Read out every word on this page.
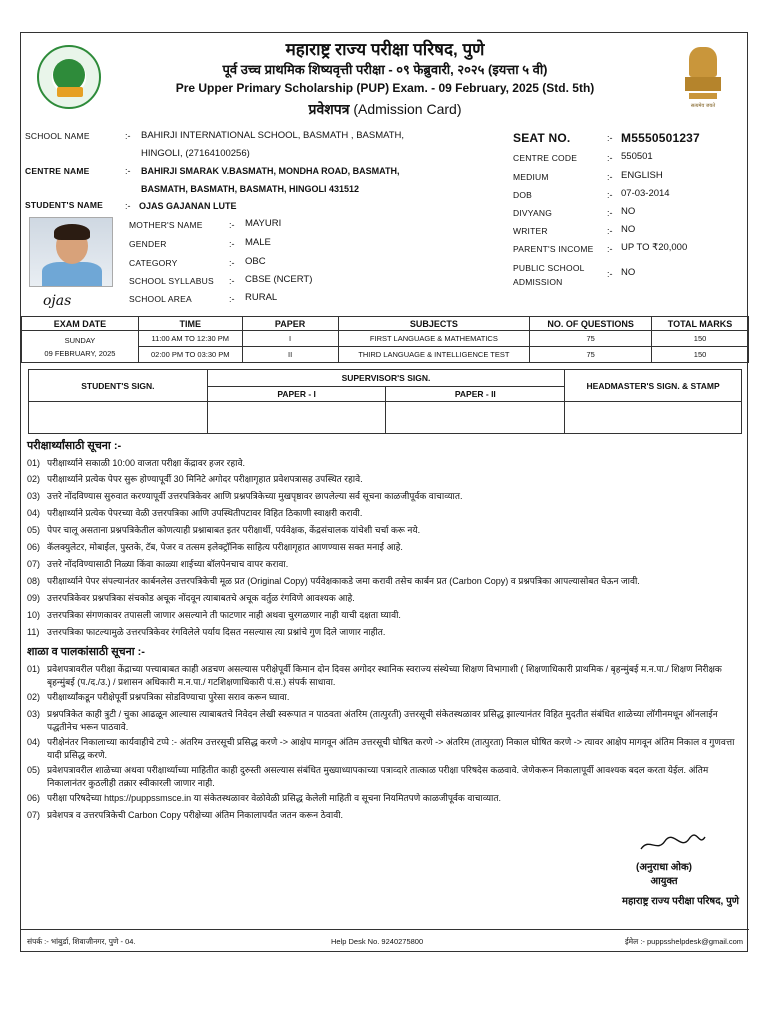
महाराष्ट्र राज्य परीक्षा परिषद, पुणे
पूर्व उच्च प्राथमिक शिष्यवृत्ती परीक्षा - ०९ फेब्रुवारी, २०२५ (इयत्ता ५ वी)
Pre Upper Primary Scholarship (PUP) Exam. - 09 February, 2025 (Std. 5th)
प्रवेशपत्र (Admission Card)	सत्यमेव जयते
SCHOOL NAME	:- BAHIRJI INTERNATIONAL SCHOOL, BASMATH , BASMATH,
HINGOLI, (27164100256)
CENTRE NAME	:- BAHIRJI SMARAK V.BASMATH, MONDHA ROAD, BASMATH,
BASMATH, BASMATH, BASMATH, HINGOLI 431512
STUDENT'S NAME :- OJAS GAJANAN LUTE
ojas
MOTHER'S NAME	:- MAYURI
GENDER	:- MALE
CATEGORY	:- OBC
SCHOOL SYLLABUS :- CBSE (NCERT)
SCHOOL AREA	:- RURAL
SEAT NO.	:- M5550501237
CENTRE CODE	:- 550501
MEDIUM	:- ENGLISH
DOB	:- 07-03-2014
DIVYANG	:- NO
WRITER	:- NO
PARENT'S INCOME :- UP TO ₹20,000
PUBLIC SCHOOL
ADMISSION
:- NO
EXAM DATE	TIME	PAPER	SUBJECTS	NO. OF QUESTIONS	TOTAL MARKS

SUNDAY
09 FEBRUARY, 2025	11:00 AM TO 12:30 PM	I	FIRST LANGUAGE & MATHEMATICS	75	150
	02:00 PM TO 03:30 PM	II	THIRD LANGUAGE & INTELLIGENCE TEST	75	150
STUDENT'S SIGN.	SUPERVISOR'S SIGN.		HEADMASTER'S SIGN. & STAMP
	PAPER - I	PAPER - II	

परीक्षार्थ्यांसाठी सूचना :-
01) परीक्षार्थ्याने सकाळी 10:00 वाजता परीक्षा केंद्रावर हजर रहावे.
02) परीक्षार्थ्याने प्रत्येक पेपर सुरू होण्यापूर्वी 30 मिनिटे अगोदर परीक्षागृहात प्रवेशपत्रासह उपस्थित रहावे.
03) उत्तरे नोंदविण्यास सुरुवात करण्यापूर्वी उत्तरपत्रिकेवर आणि प्रश्नपत्रिकेच्या मुखपृष्ठावर छापलेल्या सर्व सूचना काळजीपूर्वक वाचाव्यात.
04) परीक्षार्थ्याने प्रत्येक पेपरच्या वेळी उत्तरपत्रिका आणि उपस्थितीपटावर विहित ठिकाणी स्वाक्षरी करावी.
05) पेपर चालू असताना प्रश्नपत्रिकेतील कोणत्याही प्रश्नाबाबत इतर परीक्षार्थी, पर्यवेक्षक, केंद्रसंचालक यांचेशी चर्चा करू नये.
06) कॅलक्युलेटर, मोबाईल, पुस्तके, टॅब, पेजर व तत्सम इलेक्ट्रॉनिक साहित्य परीक्षागृहात आणण्यास सक्त मनाई आहे.
07) उत्तरे नोंदविण्यासाठी निळ्या किंवा काळ्या शाईच्या बॉलपेनचाच वापर करावा.
08) परीक्षार्थ्याने पेपर संपल्यानंतर कार्बनलेस उत्तरपत्रिकेची मूळ प्रत (Original Copy) पर्यवेक्षकाकडे जमा करावी तसेच कार्बन प्रत (Carbon Copy) व प्रश्नपत्रिका आपल्यासोबत घेऊन जावी.
09) उत्तरपत्रिकेवर प्रश्नपत्रिका संचकोड अचूक नोंदवून त्याबाबतचे अचूक वर्तुळ रंगविणे आवश्यक आहे.
10) उत्तरपत्रिका संगणकावर तपासली जाणार असल्याने ती फाटणार नाही अथवा चुरगळणार नाही याची दक्षता घ्यावी.
11) उत्तरपत्रिका फाटल्यामुळे उत्तरपत्रिकेवर रंगविलेले पर्याय दिसत नसल्यास त्या प्रश्नांचे गुण दिले जाणार नाहीत.
शाळा व पालकांसाठी सूचना :-
01) प्रवेशपत्रावरील परीक्षा केंद्राच्या पत्त्याबाबत काही अडचण असल्यास परीक्षेपूर्वी किमान दोन दिवस अगोदर स्थानिक स्वराज्य संस्थेच्या शिक्षण विभागाशी ( शिक्षणाधिकारी प्राथमिक / बृहन्मुंबई म.न.पा./ शिक्षण निरीक्षक बृहन्मुंबई (प./द./उ.) / प्रशासन अधिकारी म.न.पा./ गटशिक्षणाधिकारी पं.स.) संपर्क साधावा.
02) परीक्षार्थ्यांकडून परीक्षेपूर्वी प्रश्नपत्रिका सोडविण्याचा पुरेसा सराव करून घ्यावा.
03) प्रश्नपत्रिकेत काही त्रुटी / चुका आढळून आल्यास त्याबाबतचे निवेदन लेखी स्वरूपात न पाठवता अंतरिम (तात्पुरती) उत्तरसूची संकेतस्थळावर प्रसिद्ध झाल्यानंतर विहित मुदतीत संबंधित शाळेच्या लॉगीनमधून ऑनलाईन पद्धतीनेच भरून पाठवावे.
04) परीक्षेनंतर निकालाच्या कार्यवाहीचे टप्पे :- अंतरिम उत्तरसूची प्रसिद्ध करणे -> आक्षेप मागवून अंतिम उत्तरसूची घोषित करणे -> अंतरिम (तात्पुरता) निकाल घोषित करणे -> त्यावर आक्षेप मागवून अंतिम निकाल व गुणवत्ता यादी प्रसिद्ध करणे.
05) प्रवेशपत्रावरील शाळेच्या अथवा परीक्षार्थ्याच्या माहितीत काही दुरुस्ती असल्यास संबंधित मुख्याध्यापकाच्या पत्राव्दारे तात्काळ परीक्षा परिषदेस कळवावे. जेणेकरून निकालापूर्वी आवश्यक बदल करता येईल. अंतिम निकालानंतर कुठलीही तक्रार स्वीकारली जाणार नाही.
06) परीक्षा परिषदेच्या https://puppssmsce.in या संकेतस्थळावर वेळोवेळी प्रसिद्ध केलेली माहिती व सूचना नियमितपणे काळजीपूर्वक वाचाव्यात.
07) प्रवेशपत्र व उत्तरपत्रिकेची Carbon Copy परीक्षेच्या अंतिम निकालापर्यंत जतन करून ठेवावी.
(अनुराधा ओक)
आयुक्त
महाराष्ट्र राज्य परीक्षा परिषद, पुणे
संपर्क :- भांबुर्डा, शिवाजीनगर, पुणे - 04.	Help Desk No. 9240275800	ईमेल :- puppsshelpdesk@gmail.com
